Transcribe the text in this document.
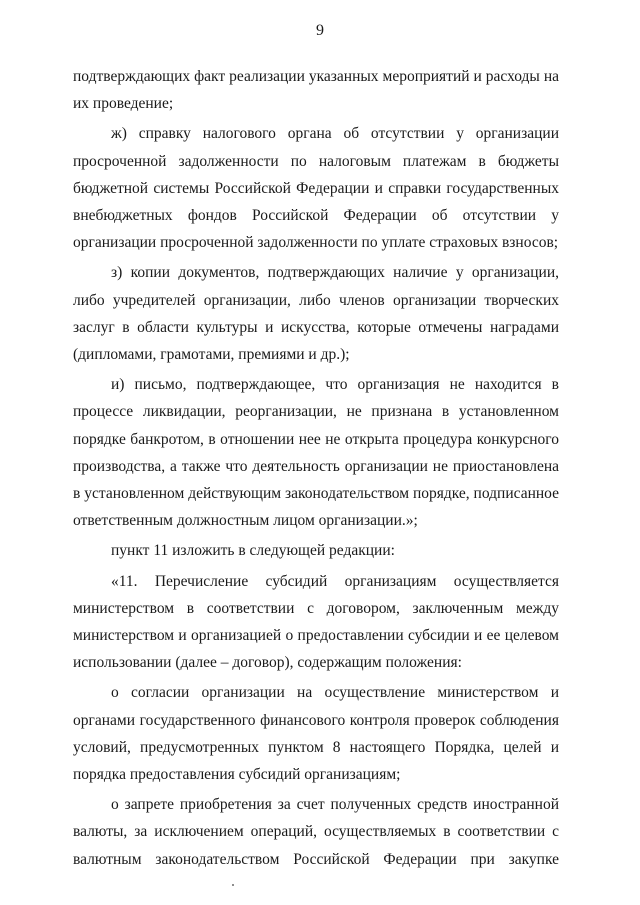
9

подтверждающих факт реализации указанных мероприятий и расходы на их проведение;

ж) справку налогового органа об отсутствии у организации просроченной задолженности по налоговым платежам в бюджеты бюджетной системы Российской Федерации и справки государственных внебюджетных фондов Российской Федерации об отсутствии у организации просроченной задолженности по уплате страховых взносов;

з) копии документов, подтверждающих наличие у организации, либо учредителей организации, либо членов организации творческих заслуг в области культуры и искусства, которые отмечены наградами (дипломами, грамотами, премиями и др.);

и) письмо, подтверждающее, что организация не находится в процессе ликвидации, реорганизации, не признана в установленном порядке банкротом, в отношении нее не открыта процедура конкурсного производства, а также что деятельность организации не приостановлена в установленном действующим законодательством порядке, подписанное ответственным должностным лицом организации.»;

пункт 11 изложить в следующей редакции:

«11. Перечисление субсидий организациям осуществляется министерством в соответствии с договором, заключенным между министерством и организацией о предоставлении субсидии и ее целевом использовании (далее – договор), содержащим положения:

о согласии организации на осуществление министерством и органами государственного финансового контроля проверок соблюдения условий, предусмотренных пунктом 8 настоящего Порядка, целей и порядка предоставления субсидий организациям;

о запрете приобретения за счет полученных средств иностранной валюты, за исключением операций, осуществляемых в соответствии с валютным законодательством Российской Федерации при закупке
